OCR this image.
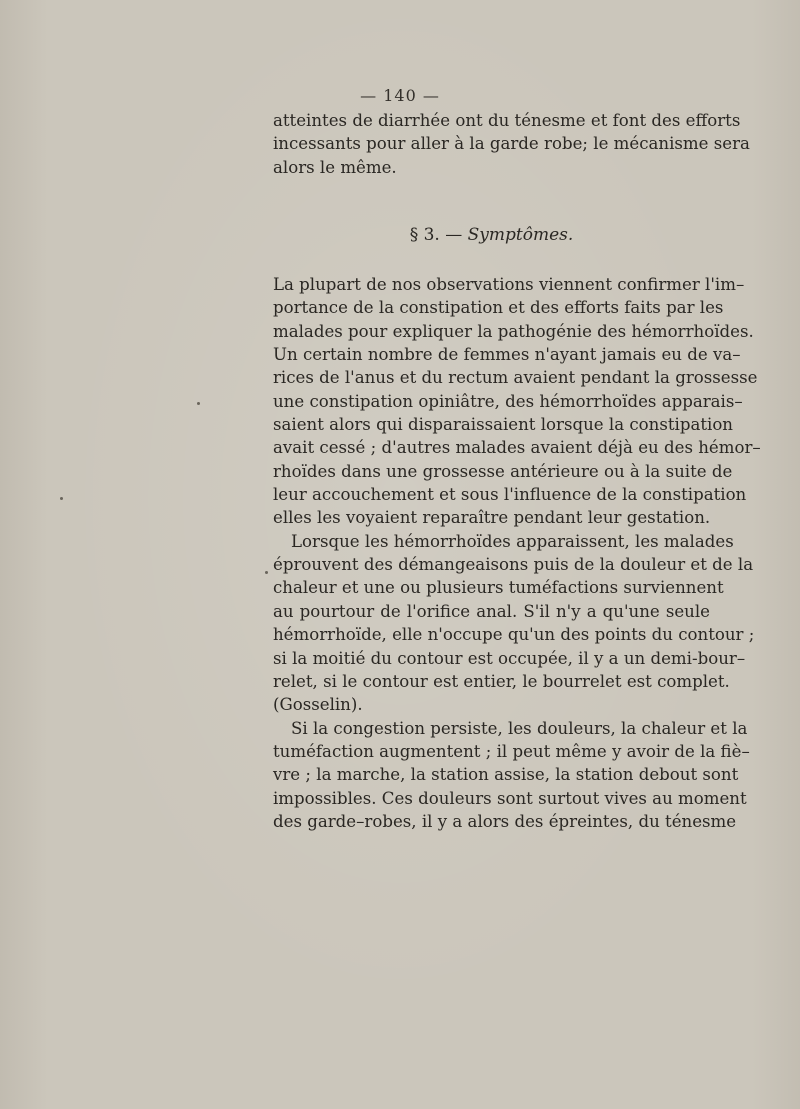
— 140 —
atteintes de diarrhée ont du ténesme et font des efforts
incessants pour aller à la garde robe; le mécanisme sera
alors le même.
§ 3. — Symptômes.
La plupart de nos observations viennent confirmer l'im–
portance de la constipation et des efforts faits par les
malades pour expliquer la pathogénie des hémorrhoïdes.
Un certain nombre de femmes n'ayant jamais eu de va–
rices de l'anus et du rectum avaient pendant la grossesse
une constipation opiniâtre, des hémorrhoïdes apparais–
saient alors qui disparaissaient lorsque la constipation
avait cessé ; d'autres malades avaient déjà eu des hémor–
rhoïdes dans une grossesse antérieure ou à la suite de
leur accouchement et sous l'influence de la constipation
elles les voyaient reparaître pendant leur gestation.
Lorsque les hémorrhoïdes apparaissent, les malades
éprouvent des démangeaisons puis de la douleur et de la
chaleur et une ou plusieurs tuméfactions surviennent
au pourtour de l'orifice anal. S'il n'y a qu'une seule
hémorrhoïde, elle n'occupe qu'un des points du contour ;
si la moitié du contour est occupée, il y a un demi-bour–
relet, si le contour est entier, le bourrelet est complet.
(Gosselin).
Si la congestion persiste, les douleurs, la chaleur et la
tuméfaction augmentent ; il peut même y avoir de la fiè–
vre ; la marche, la station assise, la station debout sont
impossibles. Ces douleurs sont surtout vives au moment
des garde–robes, il y a alors des épreintes, du ténesme
